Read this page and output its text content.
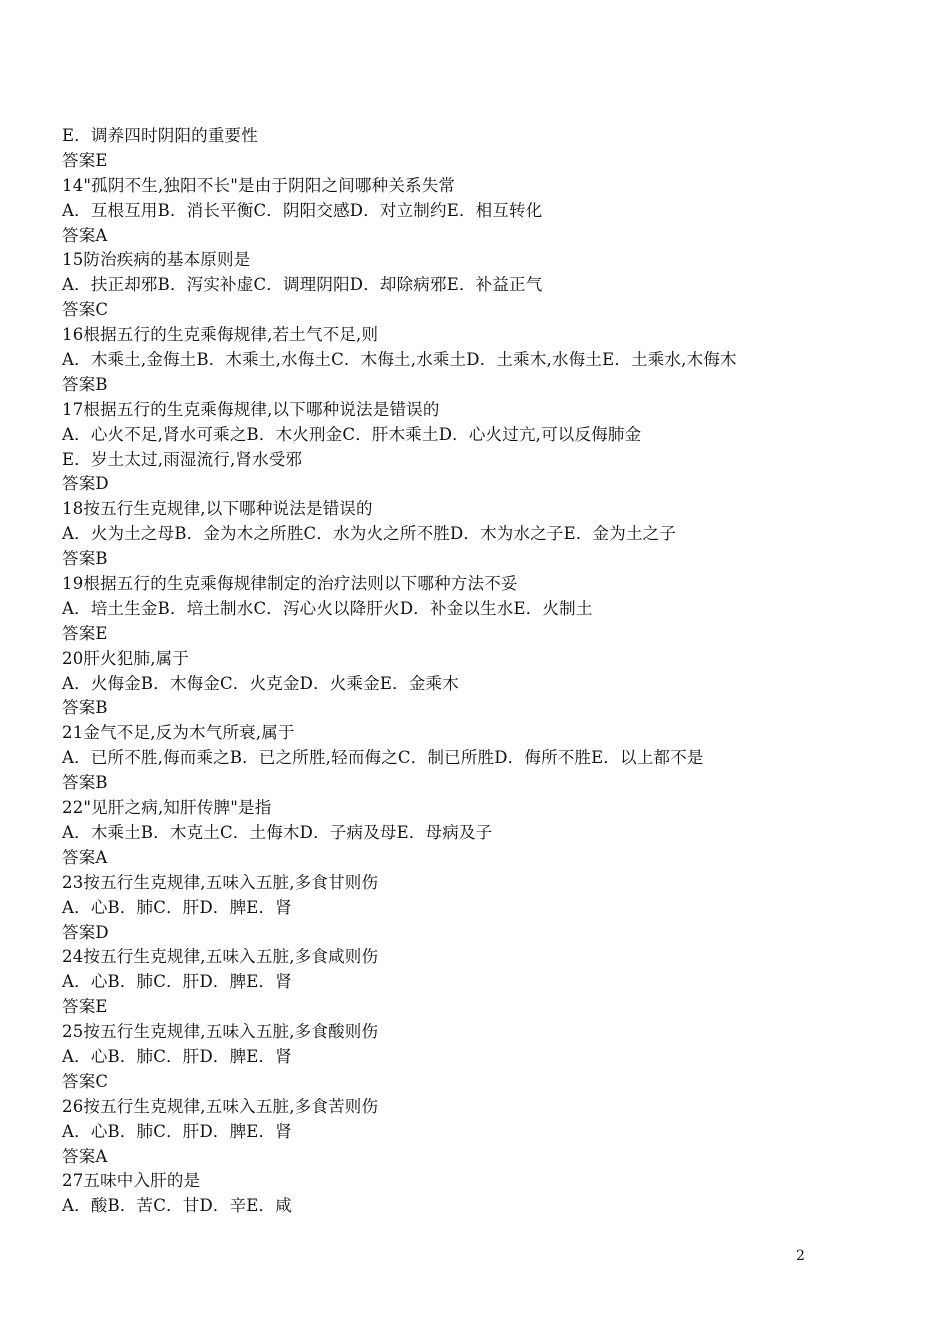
E．调养四时阴阳的重要性
答案E
14"孤阴不生,独阳不长"是由于阴阳之间哪种关系失常
A．互根互用B．消长平衡C．阴阳交感D．对立制约E．相互转化
答案A
15防治疾病的基本原则是
A．扶正却邪B．泻实补虚C．调理阴阳D．却除病邪E．补益正气
答案C
16根据五行的生克乘侮规律,若土气不足,则
A．木乘土,金侮土B．木乘土,水侮土C．木侮土,水乘土D．土乘木,水侮土E．土乘水,木侮木
答案B
17根据五行的生克乘侮规律,以下哪种说法是错误的
A．心火不足,肾水可乘之B．木火刑金C．肝木乘土D．心火过亢,可以反侮肺金
E．岁土太过,雨湿流行,肾水受邪
答案D
18按五行生克规律,以下哪种说法是错误的
A．火为土之母B．金为木之所胜C．水为火之所不胜D．木为水之子E．金为土之子
答案B
19根据五行的生克乘侮规律制定的治疗法则以下哪种方法不妥
A．培土生金B．培土制水C．泻心火以降肝火D．补金以生水E．火制土
答案E
20肝火犯肺,属于
A．火侮金B．木侮金C．火克金D．火乘金E．金乘木
答案B
21金气不足,反为木气所衰,属于
A．已所不胜,侮而乘之B．已之所胜,轻而侮之C．制已所胜D．侮所不胜E．以上都不是
答案B
22"见肝之病,知肝传脾"是指
A．木乘土B．木克土C．土侮木D．子病及母E．母病及子
答案A
23按五行生克规律,五味入五脏,多食甘则伤
A．心B．肺C．肝D．脾E．肾
答案D
24按五行生克规律,五味入五脏,多食咸则伤
A．心B．肺C．肝D．脾E．肾
答案E
25按五行生克规律,五味入五脏,多食酸则伤
A．心B．肺C．肝D．脾E．肾
答案C
26按五行生克规律,五味入五脏,多食苦则伤
A．心B．肺C．肝D．脾E．肾
答案A
27五味中入肝的是
A．酸B．苦C．甘D．辛E．咸
2
